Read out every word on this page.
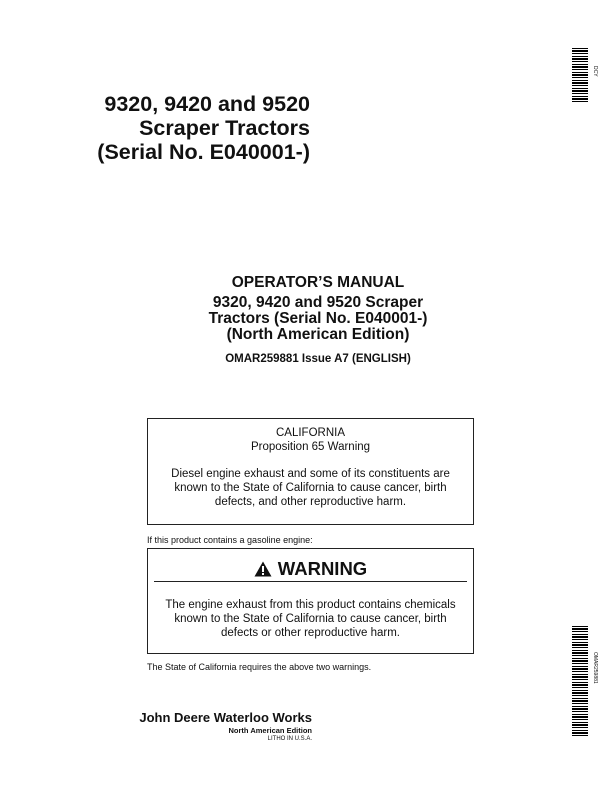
9320, 9420 and 9520
Scraper Tractors
(Serial No. E040001-)
OPERATOR’S MANUAL
9320, 9420 and 9520 Scraper
Tractors (Serial No. E040001-)
(North American Edition)
OMAR259881 Issue A7 (ENGLISH)
CALIFORNIA
Proposition 65 Warning
Diesel engine exhaust and some of its constituents are
known to the State of California to cause cancer, birth
defects, and other reproductive harm.
If this product contains a gasoline engine:
WARNING
The engine exhaust from this product contains chemicals
known to the State of California to cause cancer, birth
defects or other reproductive harm.
The State of California requires the above two warnings.
John Deere Waterloo Works
North American Edition
LITHO IN U.S.A.
DCY
OMAR259881
